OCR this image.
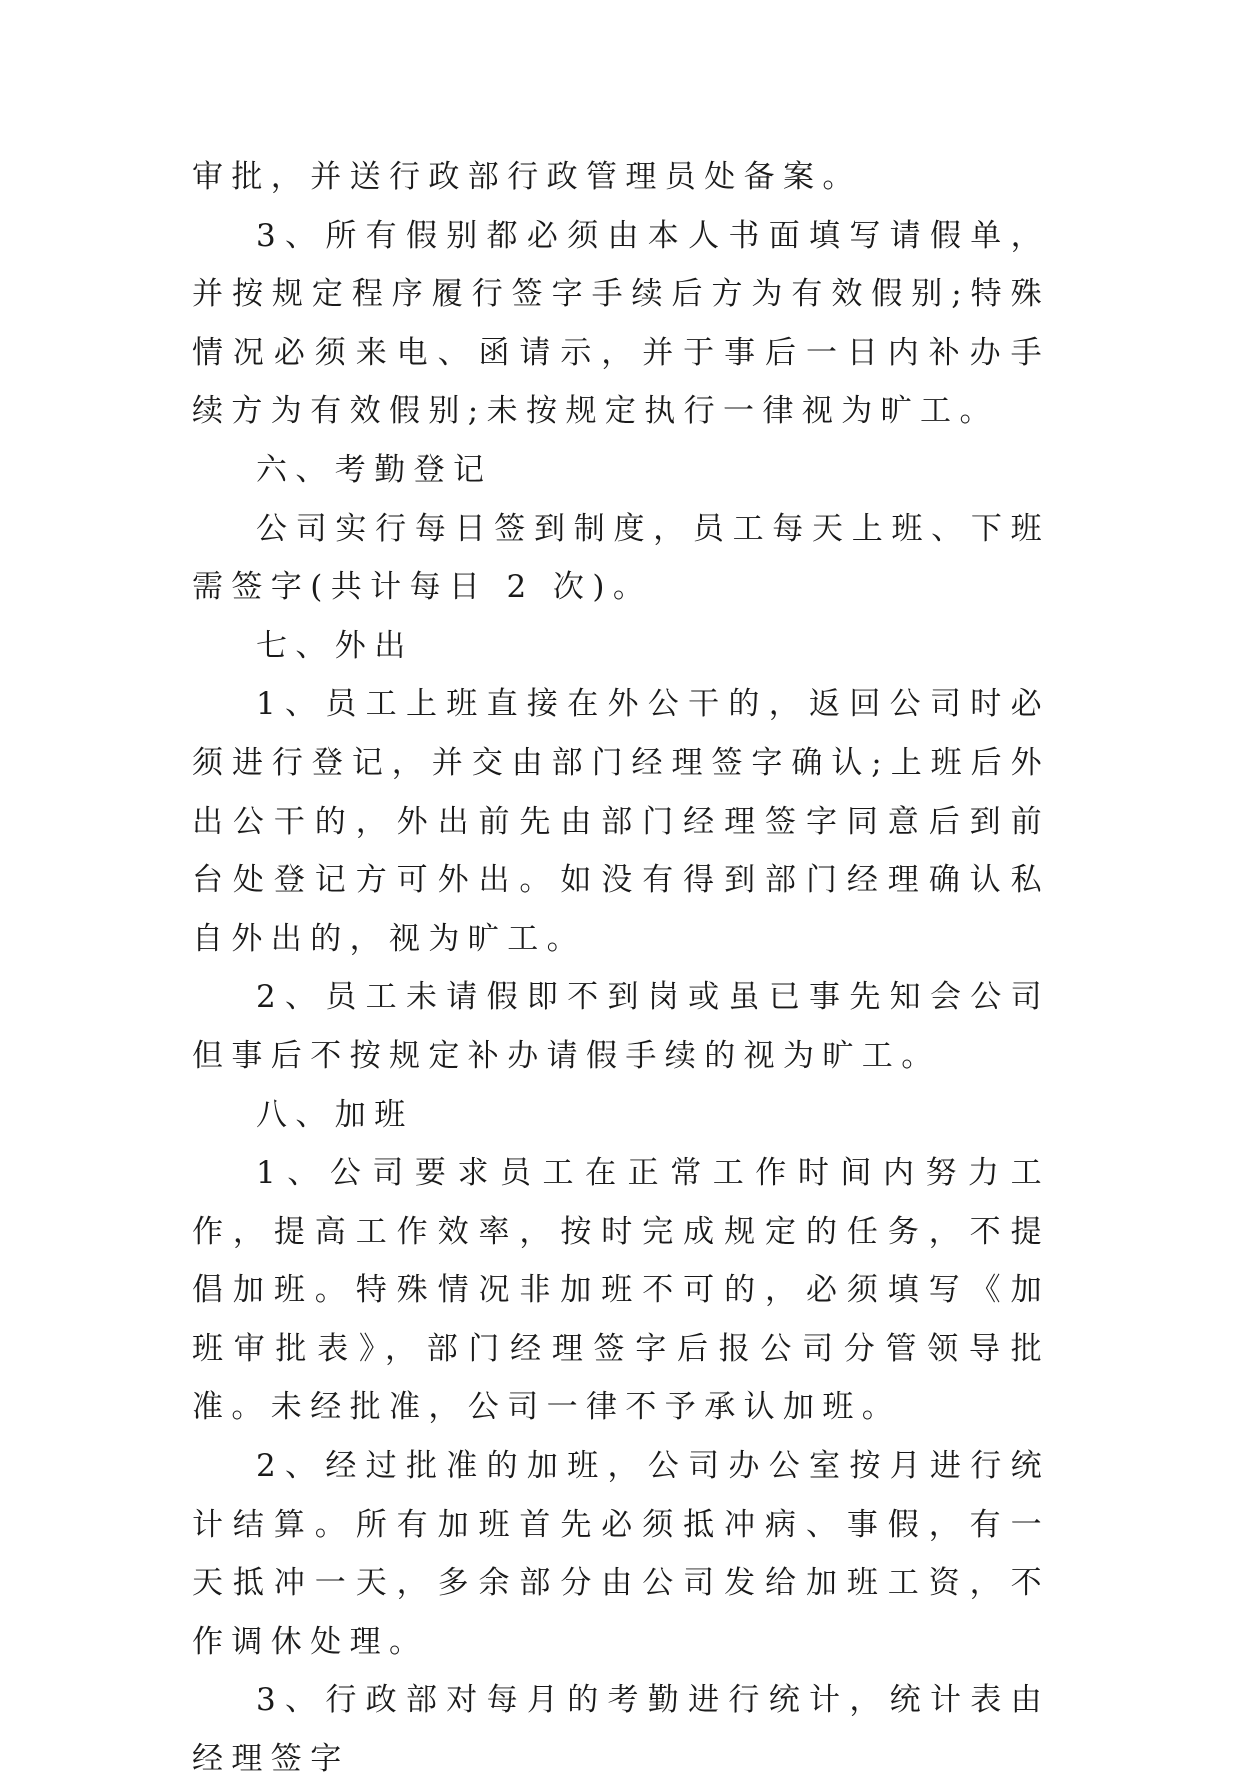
审批，并送行政部行政管理员处备案。

3、所有假别都必须由本人书面填写请假单，并按规定程序履行签字手续后方为有效假别;特殊情况必须来电、函请示，并于事后一日内补办手续方为有效假别;未按规定执行一律视为旷工。

六、考勤登记

公司实行每日签到制度，员工每天上班、下班需签字(共计每日 2 次)。

七、外出

1、员工上班直接在外公干的，返回公司时必须进行登记，并交由部门经理签字确认;上班后外出公干的，外出前先由部门经理签字同意后到前台处登记方可外出。如没有得到部门经理确认私自外出的，视为旷工。

2、员工未请假即不到岗或虽已事先知会公司但事后不按规定补办请假手续的视为旷工。

八、加班

1、公司要求员工在正常工作时间内努力工作，提高工作效率，按时完成规定的任务，不提倡加班。特殊情况非加班不可的，必须填写《加班审批表》，部门经理签字后报公司分管领导批准。未经批准，公司一律不予承认加班。

2、经过批准的加班，公司办公室按月进行统计结算。所有加班首先必须抵冲病、事假，有一天抵冲一天，多余部分由公司发给加班工资，不作调休处理。

3、行政部对每月的考勤进行统计，统计表由经理签字
